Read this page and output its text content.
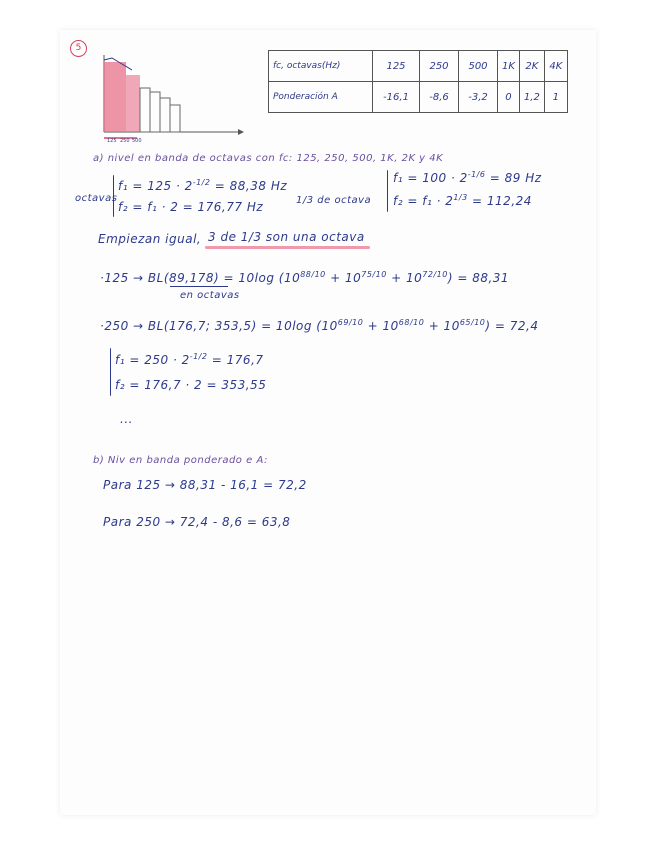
5
125 250 500
fc, octavas(Hz)	125	250	500	1K	2K	4K
Ponderación A	-16,1	-8,6	-3,2	0	1,2	1
a) nivel en banda de octavas con fc: 125, 250, 500, 1K, 2K y 4K
octavas
$f_1 = 125 \cdot 2^{-1/2} = 88,38$ Hz
f₂ = f₁ · 2 = 176,77 Hz	1/3 de octava
$f_1 = 100 \cdot 2^{-1/6} = 89$ Hz
$f_2 = f_1 \cdot 2^{1/3} = 112,24$
Empiezan igual, 3 de 1/3 son una octava
·125 → BL(89,178) = 10log $(10^{88/10} + 10^{75/10} + 10^{72/10}) = 88,31$
en octavas
·250 → BL(176,7; 353,5) = 10log $(10^{69/10} + 10^{68/10} + 10^{65/10}) = 72,4$
$f_1 = 250 \cdot 2^{-1/2} = 176,7$
f₂ = 176,7 · 2 = 353,55
...
b) Niv en banda ponderado e A:
Para 125 → 88,31 - 16,1 = 72,2
Para 250 → 72,4 - 8,6 = 63,8
